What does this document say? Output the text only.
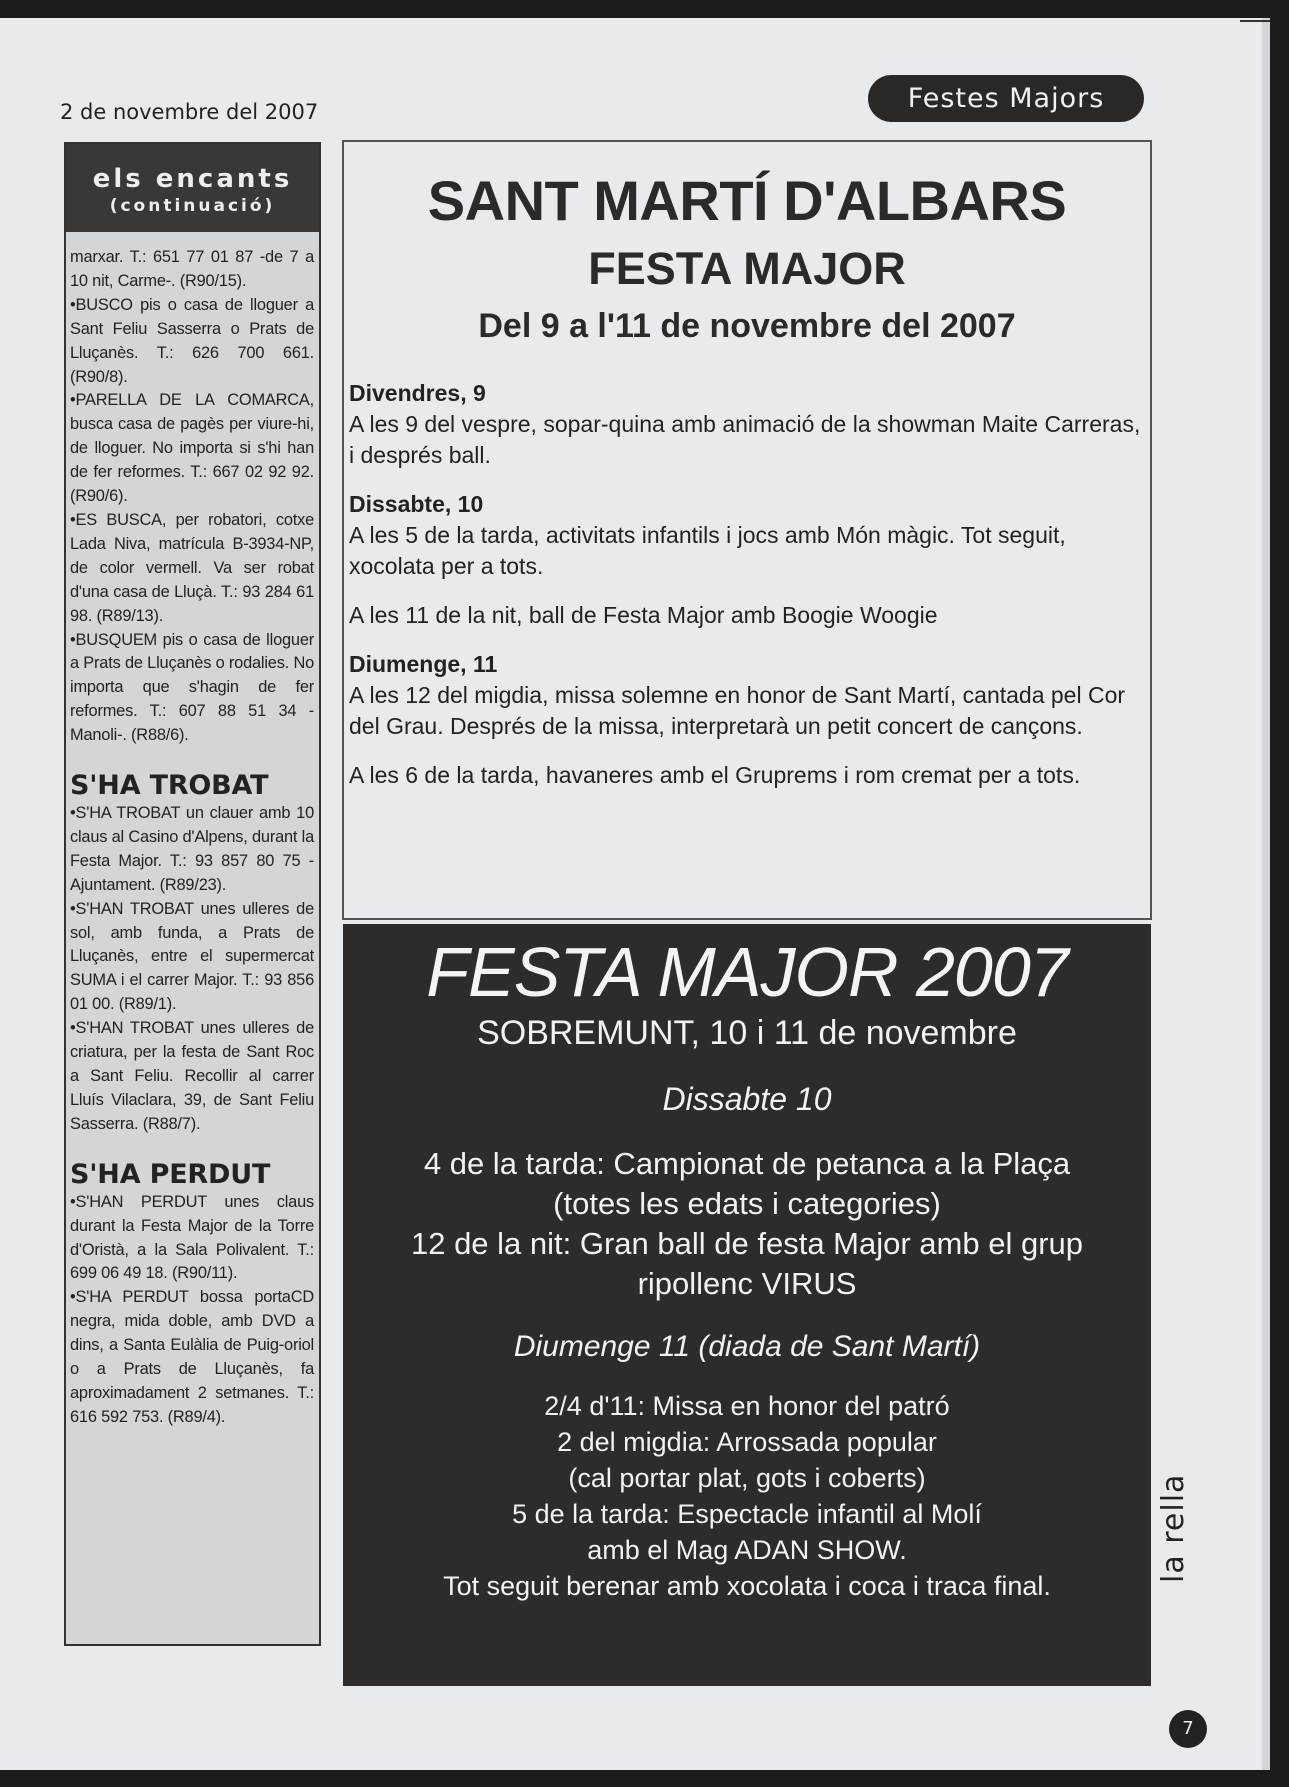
2 de novembre del 2007	Festes Majors
els encants
(continuació)

marxar. T.: 651 77 01 87 -de 7 a 10 nit, Carme-. (R90/15).

•BUSCO pis o casa de lloguer a Sant Feliu Sasserra o Prats de Lluçanès. T.: 626 700 661. (R90/8).

•PARELLA DE LA COMARCA, busca casa de pagès per viure-hi, de lloguer. No importa si s'hi han de fer reformes. T.: 667 02 92 92. (R90/6).

•ES BUSCA, per robatori, cotxe Lada Niva, matrícula B-3934-NP, de color vermell. Va ser robat d'una casa de Lluçà. T.: 93 284 61 98. (R89/13).

•BUSQUEM pis o casa de lloguer a Prats de Lluçanès o rodalies. No importa que s'hagin de fer reformes. T.: 607 88 51 34 -Manoli-. (R88/6).

S'HA TROBAT

•S'HA TROBAT un clauer amb 10 claus al Casino d'Alpens, durant la Festa Major. T.: 93 857 80 75 - Ajuntament. (R89/23).

•S'HAN TROBAT unes ulleres de sol, amb funda, a Prats de Lluçanès, entre el supermercat SUMA i el carrer Major. T.: 93 856 01 00. (R89/1).

•S'HAN TROBAT unes ulleres de criatura, per la festa de Sant Roc a Sant Feliu. Recollir al carrer Lluís Vilaclara, 39, de Sant Feliu Sasserra. (R88/7).

S'HA PERDUT

•S'HAN PERDUT unes claus durant la Festa Major de la Torre d'Oristà, a la Sala Polivalent. T.: 699 06 49 18. (R90/11).

•S'HA PERDUT bossa portaCD negra, mida doble, amb DVD a dins, a Santa Eulàlia de Puig-oriol o a Prats de Lluçanès, fa aproximadament 2 setmanes. T.: 616 592 753. (R89/4).

SANT MARTÍ D'ALBARS
FESTA MAJOR
Del 9 a l'11 de novembre del 2007
Divendres, 9
A les 9 del vespre, sopar-quina amb animació de la showman Maite Carreras, i després ball.
Dissabte, 10
A les 5 de la tarda, activitats infantils i jocs amb Món màgic. Tot seguit, xocolata per a tots.
A les 11 de la nit, ball de Festa Major amb Boogie Woogie
Diumenge, 11
A les 12 del migdia, missa solemne en honor de Sant Martí, cantada pel Cor del Grau. Després de la missa, interpretarà un petit concert de cançons.
A les 6 de la tarda, havaneres amb el Gruprems i rom cremat per a tots.
FESTA MAJOR 2007
SOBREMUNT, 10 i 11 de novembre
Dissabte 10
4 de la tarda: Campionat de petanca a la Plaça
(totes les edats i categories)
12 de la nit: Gran ball de festa Major amb el grup
ripollenc VIRUS
Diumenge 11 (diada de Sant Martí)
2/4 d'11: Missa en honor del patró
2 del migdia: Arrossada popular
(cal portar plat, gots i coberts)
5 de la tarda: Espectacle infantil al Molí
amb el Mag ADAN SHOW.
Tot seguit berenar amb xocolata i coca i traca final.
la rella
7
